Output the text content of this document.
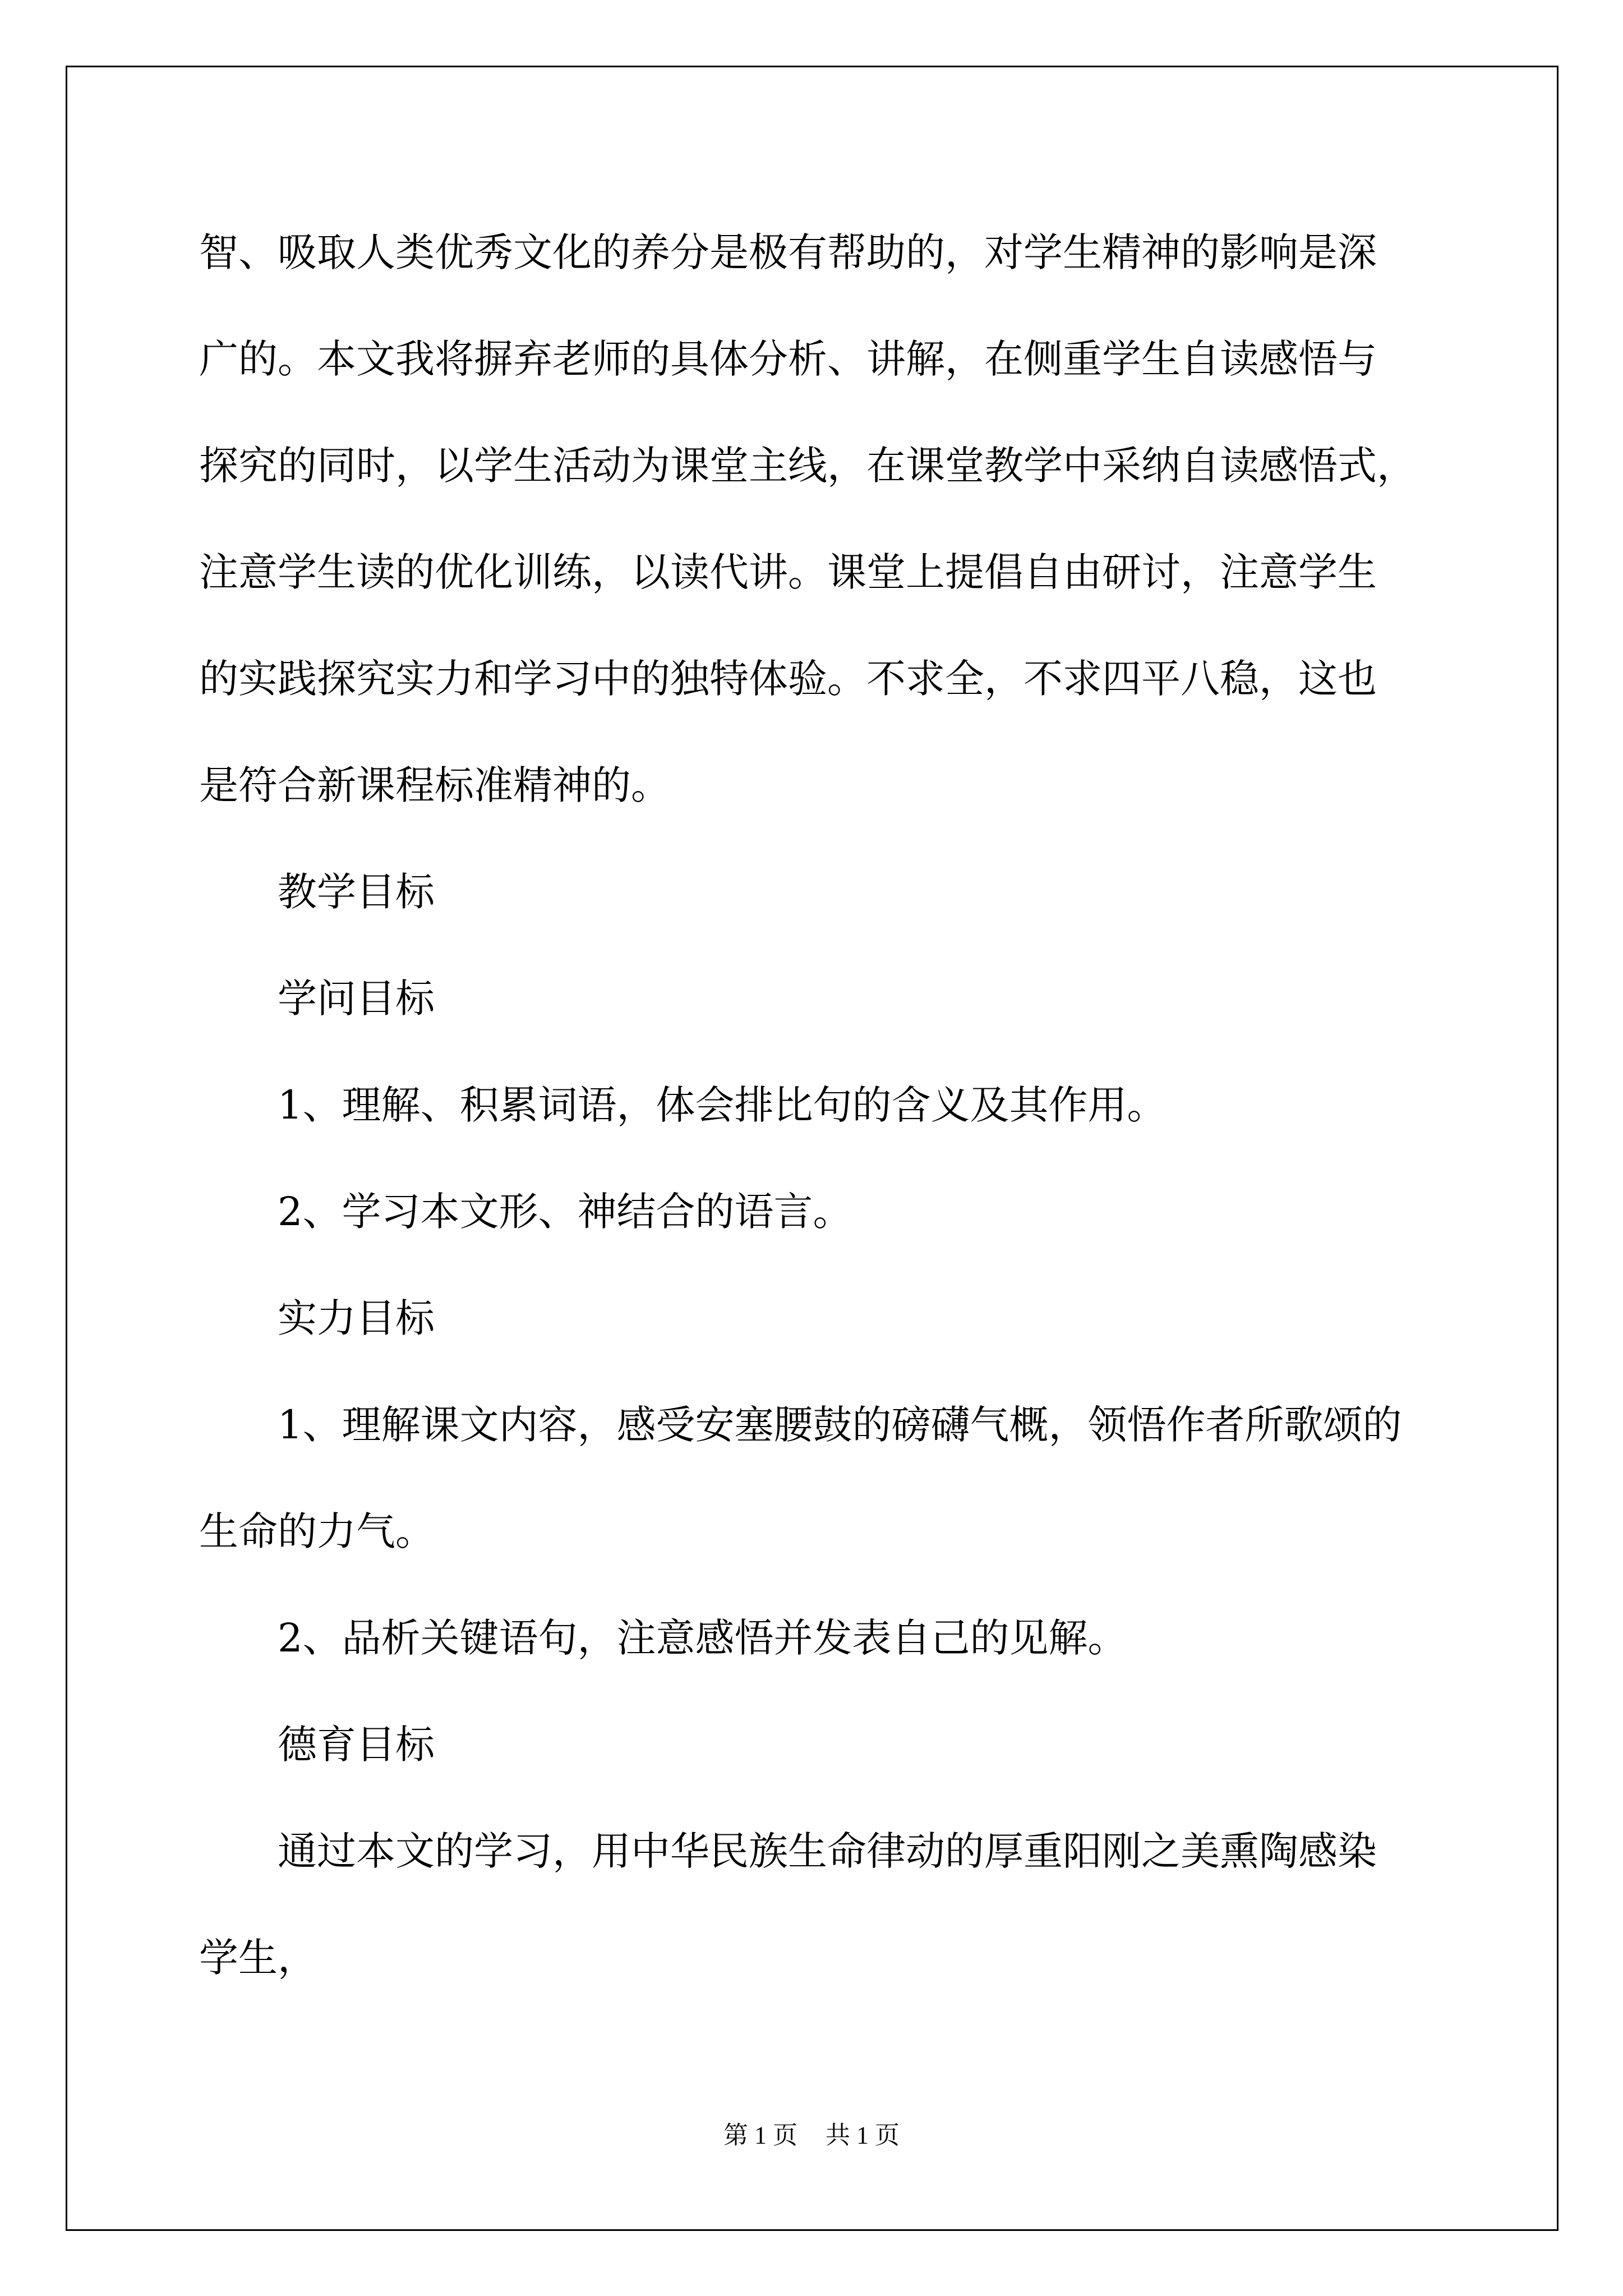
智、吸取人类优秀文化的养分是极有帮助的，对学生精神的影响是深

广的。本文我将摒弃老师的具体分析、讲解，在侧重学生自读感悟与

探究的同时，以学生活动为课堂主线，在课堂教学中采纳自读感悟式，

注意学生读的优化训练，以读代讲。课堂上提倡自由研讨，注意学生

的实践探究实力和学习中的独特体验。不求全，不求四平八稳，这也

是符合新课程标准精神的。

教学目标

学问目标

1、理解、积累词语，体会排比句的含义及其作用。

2、学习本文形、神结合的语言。

实力目标

1、理解课文内容，感受安塞腰鼓的磅礴气概，领悟作者所歌颂的

生命的力气。

2、品析关键语句，注意感悟并发表自己的见解。

德育目标

通过本文的学习，用中华民族生命律动的厚重阳刚之美熏陶感染

学生，

第 1 页 共 1 页
